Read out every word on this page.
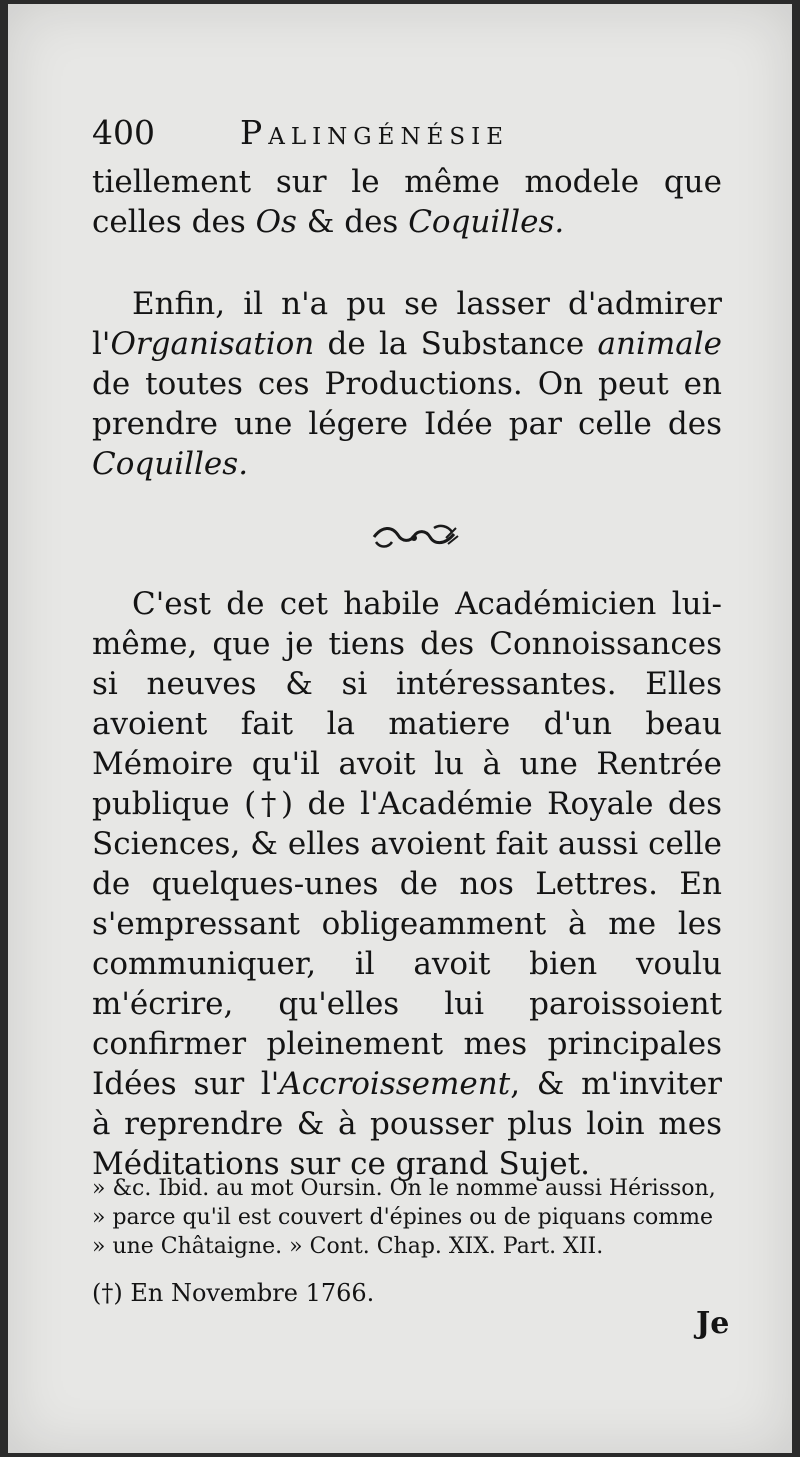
400	Palingénésie
tiellement sur le même modele que celles des Os & des Coquilles.
Enfin, il n'a pu se lasser d'admirer l'Organisation de la Substance animale de toutes ces Productions. On peut en prendre une légere Idée par celle des Coquilles.
C'est de cet habile Académicien lui-même, que je tiens des Connoissances si neuves & si intéressantes. Elles avoient fait la matiere d'un beau Mémoire qu'il avoit lu à une Rentrée publique (†) de l'Académie Royale des Sciences, & elles avoient fait aussi celle de quelques-unes de nos Lettres. En s'empressant obligeamment à me les communiquer, il avoit bien voulu m'écrire, qu'elles lui paroissoient confirmer pleinement mes principales Idées sur l'Accroissement, & m'inviter à reprendre & à pousser plus loin mes Méditations sur ce grand Sujet.
» &c. Ibid. au mot Oursin. On le nomme aussi Hérisson,
» parce qu'il est couvert d'épines ou de piquans comme
» une Châtaigne. » Cont. Chap. XIX. Part. XII.
(†) En Novembre 1766.
Je
